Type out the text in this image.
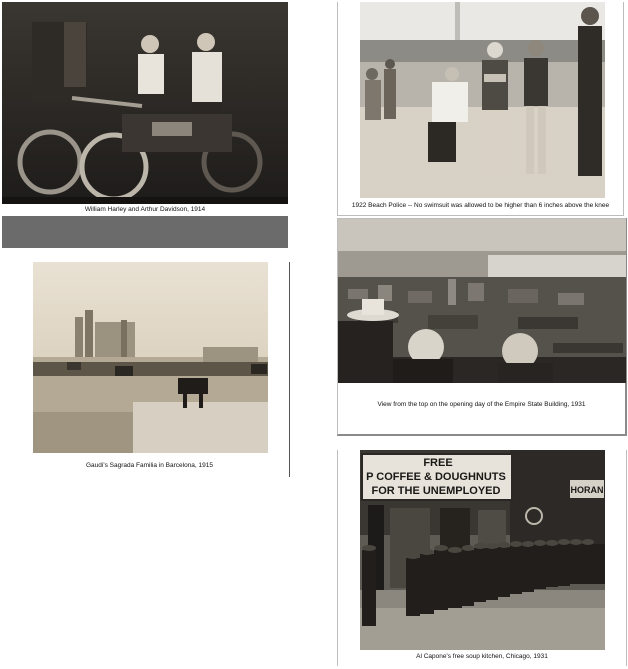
William Harley and Arthur Davidson, 1914
1922 Beach Police -- No swimsuit was allowed to be higher than 6 inches above the knee
Gaudi's Sagrada Familia in Barcelona, 1915
View from the top on the opening day of the Empire State Building, 1931
FREE
P COFFEE & DOUGHNUTS
FOR THE UNEMPLOYED	HORAN
Al Capone's free soup kitchen, Chicago, 1931
